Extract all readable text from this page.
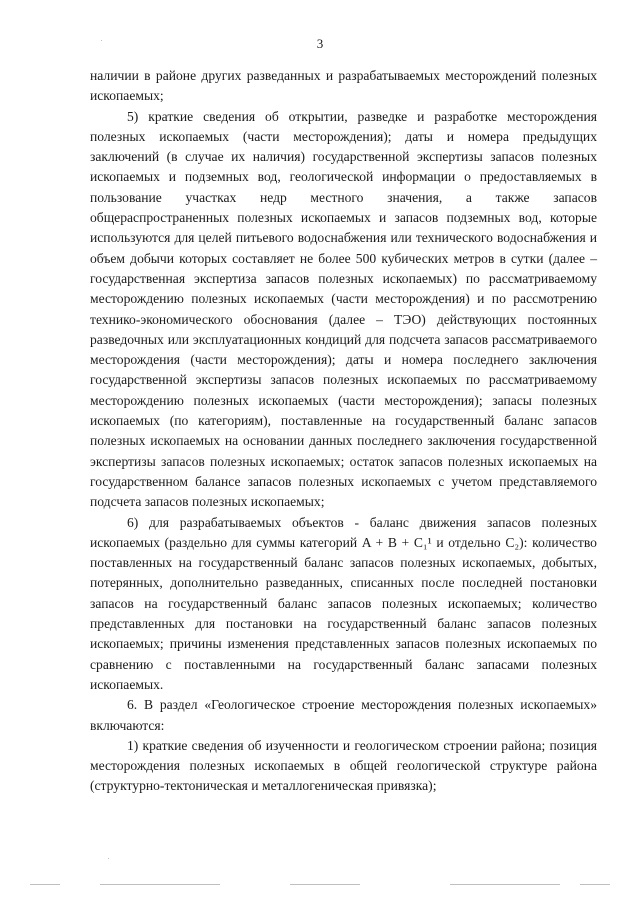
3

наличии в районе других разведанных и разрабатываемых месторождений полезных ископаемых;

5) краткие сведения об открытии, разведке и разработке месторождения полезных ископаемых (части месторождения); даты и номера предыдущих заключений (в случае их наличия) государственной экспертизы запасов полезных ископаемых и подземных вод, геологической информации о предоставляемых в пользование участках недр местного значения, а также запасов общераспространенных полезных ископаемых и запасов подземных вод, которые используются для целей питьевого водоснабжения или технического водоснабжения и объем добычи которых составляет не более 500 кубических метров в сутки (далее – государственная экспертиза запасов полезных ископаемых) по рассматриваемому месторождению полезных ископаемых (части месторождения) и по рассмотрению технико-экономического обоснования (далее – ТЭО) действующих постоянных разведочных или эксплуатационных кондиций для подсчета запасов рассматриваемого месторождения (части месторождения); даты и номера последнего заключения государственной экспертизы запасов полезных ископаемых по рассматриваемому месторождению полезных ископаемых (части месторождения); запасы полезных ископаемых (по категориям), поставленные на государственный баланс запасов полезных ископаемых на основании данных последнего заключения государственной экспертизы запасов полезных ископаемых; остаток запасов полезных ископаемых на государственном балансе запасов полезных ископаемых с учетом представляемого подсчета запасов полезных ископаемых;

6) для разрабатываемых объектов - баланс движения запасов полезных ископаемых (раздельно для суммы категорий A + B + C₁¹ и отдельно C₂): количество поставленных на государственный баланс запасов полезных ископаемых, добытых, потерянных, дополнительно разведанных, списанных после последней постановки запасов на государственный баланс запасов полезных ископаемых; количество представленных для постановки на государственный баланс запасов полезных ископаемых; причины изменения представленных запасов полезных ископаемых по сравнению с поставленными на государственный баланс запасами полезных ископаемых.

6. В раздел «Геологическое строение месторождения полезных ископаемых» включаются:

1) краткие сведения об изученности и геологическом строении района; позиция месторождения полезных ископаемых в общей геологической структуре района (структурно-тектоническая и металлогеническая привязка);
